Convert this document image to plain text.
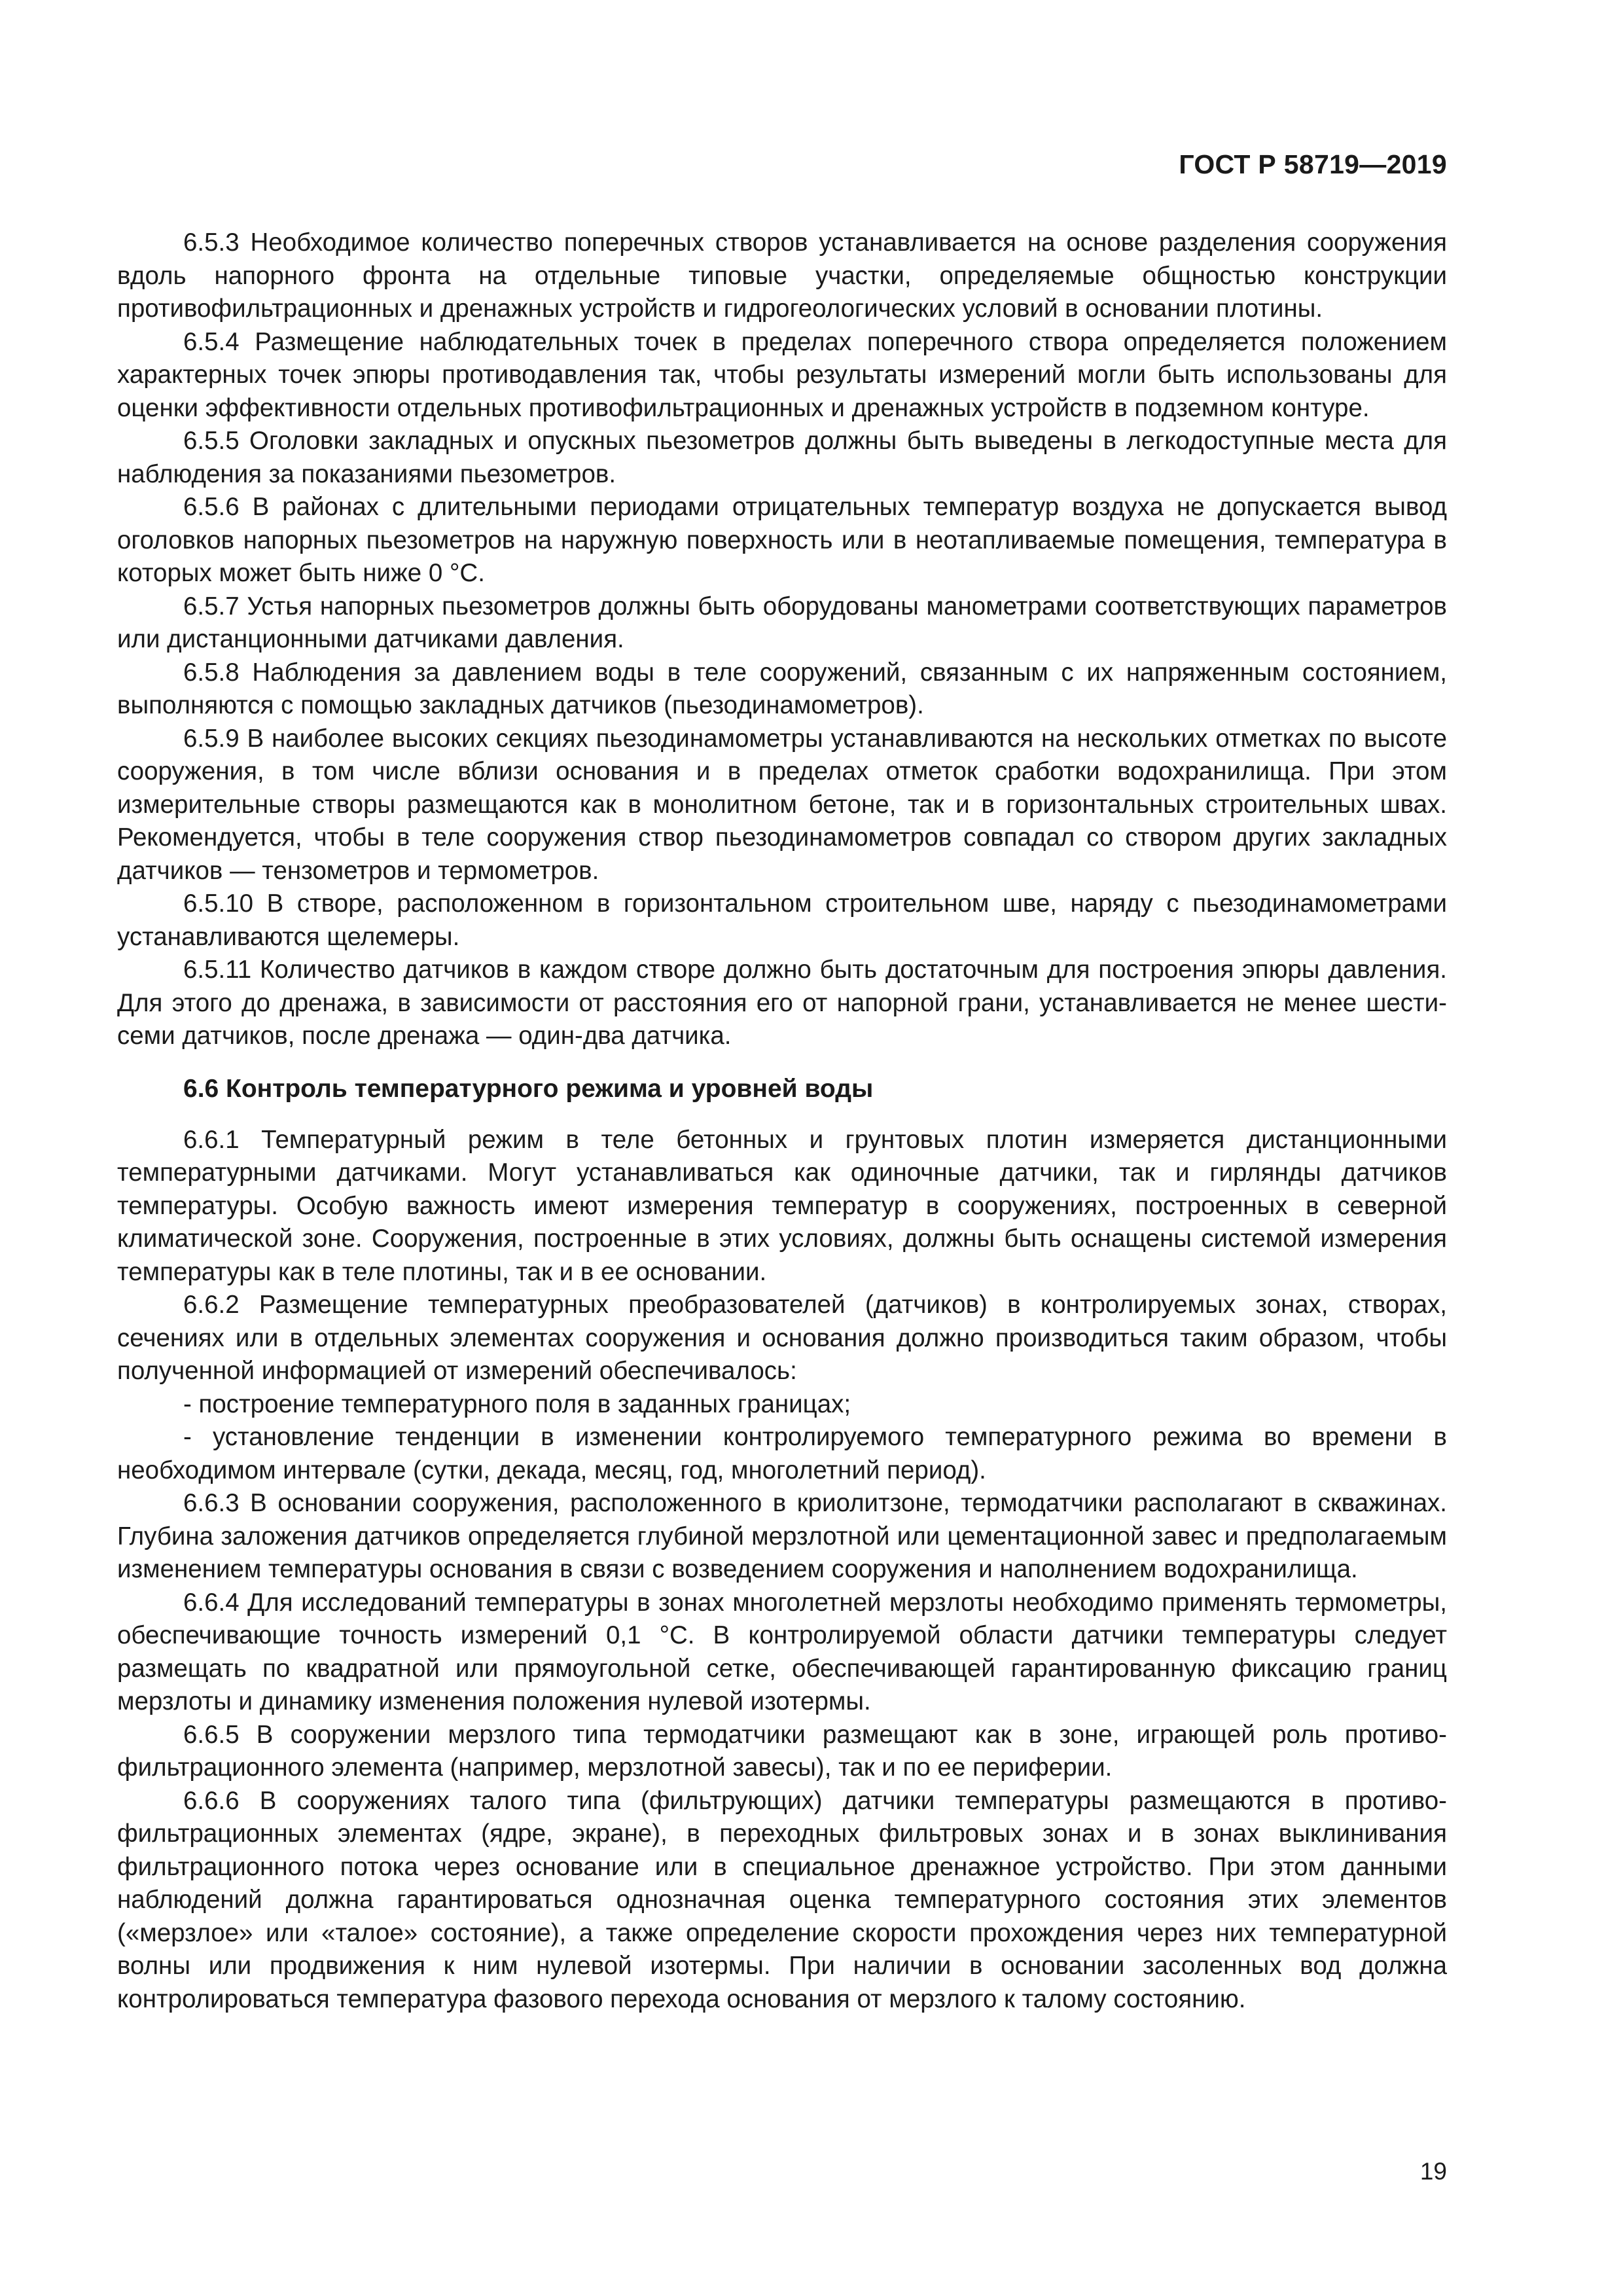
ГОСТ Р 58719—2019

6.5.3 Необходимое количество поперечных створов устанавливается на основе разделения сооружения вдоль напорного фронта на отдельные типовые участки, определяемые общностью конструкции противофильтрационных и дренажных устройств и гидрогеологических условий в основании плотины.

6.5.4 Размещение наблюдательных точек в пределах поперечного створа определяется положением характерных точек эпюры противодавления так, чтобы результаты измерений могли быть использованы для оценки эффективности отдельных противофильтрационных и дренажных устройств в подземном контуре.

6.5.5 Оголовки закладных и опускных пьезометров должны быть выведены в легкодоступные места для наблюдения за показаниями пьезометров.

6.5.6 В районах с длительными периодами отрицательных температур воздуха не допускается вывод оголовков напорных пьезометров на наружную поверхность или в неотапливаемые помещения, температура в которых может быть ниже 0 °С.

6.5.7 Устья напорных пьезометров должны быть оборудованы манометрами соответствующих параметров или дистанционными датчиками давления.

6.5.8 Наблюдения за давлением воды в теле сооружений, связанным с их напряженным состоянием, выполняются с помощью закладных датчиков (пьезодинамометров).

6.5.9 В наиболее высоких секциях пьезодинамометры устанавливаются на нескольких отметках по высоте сооружения, в том числе вблизи основания и в пределах отметок сработки водохранилища. При этом измерительные створы размещаются как в монолитном бетоне, так и в горизонтальных строительных швах. Рекомендуется, чтобы в теле сооружения створ пьезодинамометров совпадал со створом других закладных датчиков — тензометров и термометров.

6.5.10 В створе, расположенном в горизонтальном строительном шве, наряду с пьезодинамометрами устанавливаются щелемеры.

6.5.11 Количество датчиков в каждом створе должно быть достаточным для построения эпюры давления. Для этого до дренажа, в зависимости от расстояния его от напорной грани, устанавливается не менее шести-семи датчиков, после дренажа — один-два датчика.

6.6 Контроль температурного режима и уровней воды

6.6.1 Температурный режим в теле бетонных и грунтовых плотин измеряется дистанционными температурными датчиками. Могут устанавливаться как одиночные датчики, так и гирлянды датчиков температуры. Особую важность имеют измерения температур в сооружениях, построенных в северной климатической зоне. Сооружения, построенные в этих условиях, должны быть оснащены системой измерения температуры как в теле плотины, так и в ее основании.

6.6.2 Размещение температурных преобразователей (датчиков) в контролируемых зонах, створах, сечениях или в отдельных элементах сооружения и основания должно производиться таким образом, чтобы полученной информацией от измерений обеспечивалось:

- построение температурного поля в заданных границах;

- установление тенденции в изменении контролируемого температурного режима во времени в необходимом интервале (сутки, декада, месяц, год, многолетний период).

6.6.3 В основании сооружения, расположенного в криолитзоне, термодатчики располагают в скважинах. Глубина заложения датчиков определяется глубиной мерзлотной или цементационной завес и предполагаемым изменением температуры основания в связи с возведением сооружения и наполнением водохранилища.

6.6.4 Для исследований температуры в зонах многолетней мерзлоты необходимо применять термометры, обеспечивающие точность измерений 0,1 °С. В контролируемой области датчики температуры следует размещать по квадратной или прямоугольной сетке, обеспечивающей гарантированную фиксацию границ мерзлоты и динамику изменения положения нулевой изотермы.

6.6.5 В сооружении мерзлого типа термодатчики размещают как в зоне, играющей роль противофильтрационного элемента (например, мерзлотной завесы), так и по ее периферии.

6.6.6 В сооружениях талого типа (фильтрующих) датчики температуры размещаются в противофильтрационных элементах (ядре, экране), в переходных фильтровых зонах и в зонах выклинивания фильтрационного потока через основание или в специальное дренажное устройство. При этом данными наблюдений должна гарантироваться однозначная оценка температурного состояния этих элементов («мерзлое» или «талое» состояние), а также определение скорости прохождения через них температурной волны или продвижения к ним нулевой изотермы. При наличии в основании засоленных вод должна контролироваться температура фазового перехода основания от мерзлого к талому состоянию.

19
